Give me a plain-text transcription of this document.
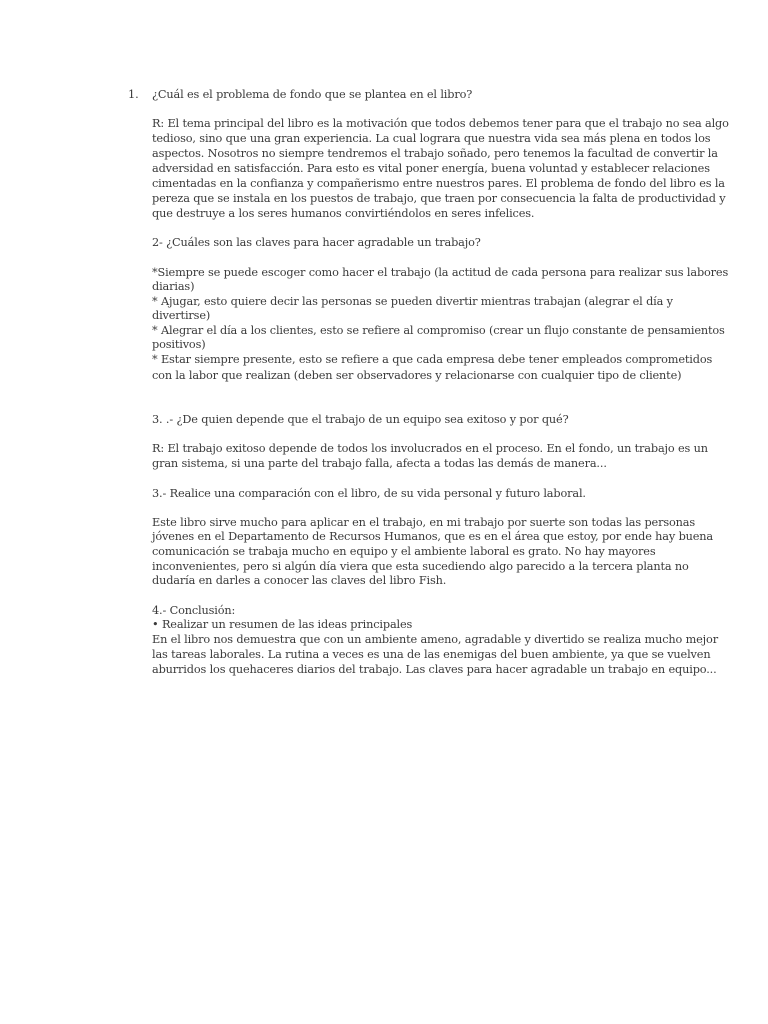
1. ¿Cuál es el problema de fondo que se plantea en el libro?
R: El tema principal del libro es la motivación que todos debemos tener para que el trabajo no sea algo
tedioso, sino que una gran experiencia. La cual lograra que nuestra vida sea más plena en todos los
aspectos. Nosotros no siempre tendremos el trabajo soñado, pero tenemos la facultad de convertir la
adversidad en satisfacción. Para esto es vital poner energía, buena voluntad y establecer relaciones
cimentadas en la confianza y compañerismo entre nuestros pares. El problema de fondo del libro es la
pereza que se instala en los puestos de trabajo, que traen por consecuencia la falta de productividad y
que destruye a los seres humanos convirtiéndolos en seres infelices.
2- ¿Cuáles son las claves para hacer agradable un trabajo?
*Siempre se puede escoger como hacer el trabajo (la actitud de cada persona para realizar sus labores
diarias)
* Ajugar, esto quiere decir las personas se pueden divertir mientras trabajan (alegrar el día y
divertirse)
* Alegrar el día a los clientes, esto se refiere al compromiso (crear un flujo constante de pensamientos
positivos)
* Estar siempre presente, esto se refiere a que cada empresa debe tener empleados comprometidos
con la labor que realizan (deben ser observadores y relacionarse con cualquier tipo de cliente)
3. .- ¿De quien depende que el trabajo de un equipo sea exitoso y por qué?
R: El trabajo exitoso depende de todos los involucrados en el proceso. En el fondo, un trabajo es un
gran sistema, si una parte del trabajo falla, afecta a todas las demás de manera...
3.- Realice una comparación con el libro, de su vida personal y futuro laboral.
Este libro sirve mucho para aplicar en el trabajo, en mi trabajo por suerte son todas las personas
jóvenes en el Departamento de Recursos Humanos, que es en el área que estoy, por ende hay buena
comunicación se trabaja mucho en equipo y el ambiente laboral es grato. No hay mayores
inconvenientes, pero si algún día viera que esta sucediendo algo parecido a la tercera planta no
dudaría en darles a conocer las claves del libro Fish.
4.- Conclusión:
• Realizar un resumen de las ideas principales
En el libro nos demuestra que con un ambiente ameno, agradable y divertido se realiza mucho mejor
las tareas laborales. La rutina a veces es una de las enemigas del buen ambiente, ya que se vuelven
aburridos los quehaceres diarios del trabajo. Las claves para hacer agradable un trabajo en equipo...
